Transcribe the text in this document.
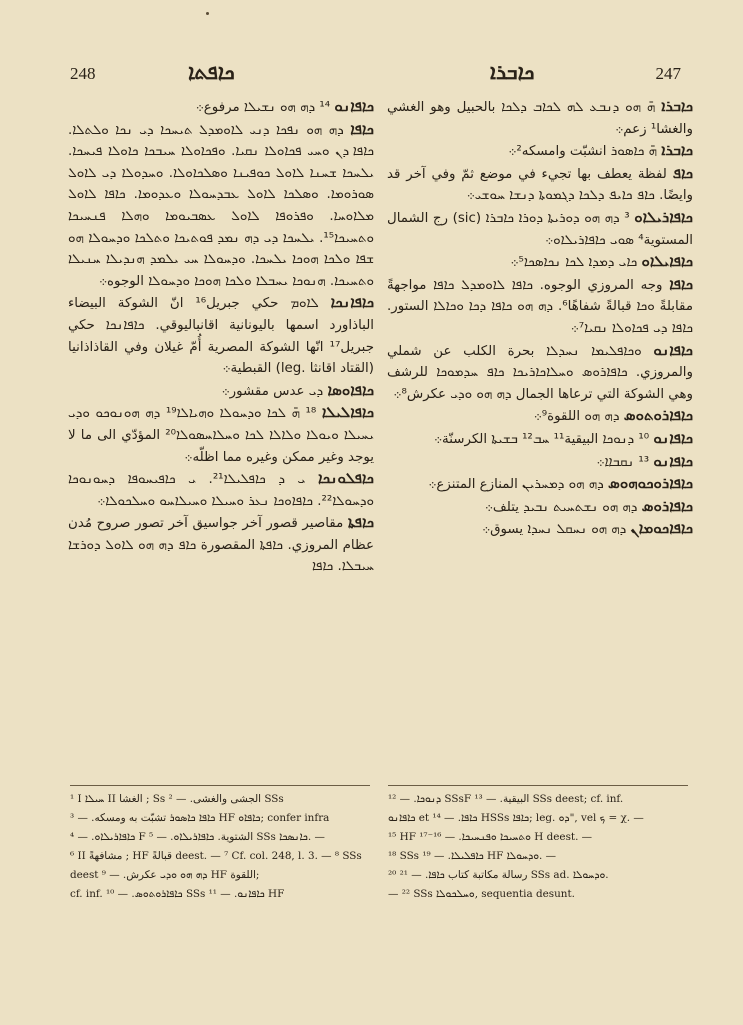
248	ܟܐܦܬܐ	ܟܐܒܪܐ	247

ܟܐܒܪܐ ܗ̄ ܗܘ ܕܢܒܥ ܠܗ ܠܟܐܒ ܕܠܟܐ بالحبيل وهو الغشي والغشا¹ زعم܀

ܟܐܒܪܐ ܗ̄ ܟܐܣܘܪ انشبّت وامسكه²܀

ܟܐܦ لفظة يعطف بها تجيء في موضع ثمّ وفي آخر قد وايضًا. ܟܐܦ ܟܐܝܦ ܕܠܟܐ ܕܓܡܘܬܐ ܕܢܫܐ ܚܘܫܝ܀

ܟܐܦܐܪܝܠܐܘ ³ ܕܗ ܗܘ ܕܘܪܝܬܐ ܕܘܪܐ ܟܐܒܪܐ (sic) رج الشمال المستوية⁴ ܣܘܝ ܟܐܦܐܪܝܠܐܘ܀

ܟܐܦܐܝܠܐܘ ܟܐܝ ܕܡܕܐ ܠܟܐ ܢܟܐܣܟܐ⁵܀

ܟܐܦܐ وجه المروزي الوجوه. ܟܐܦܐ ܠܐܘܡܕܠ ܟܐܦܐ مواجهةً مقابلةً ܘܟܐ قبالةً شفاهًا⁶. ܕܗ ܗܘ ܟܐܦܐ ܕܟܐ ܘܟܐܠܐ الستور. ܟܐܦܐ ܕܝ ܦܟܐܘܠܐ ܢܩܝܐ⁷܀

ܟܐܦܐܢܘ ܘܟܐܦܠܝܡܐ ܢܚܕܠܐ بحرة الكلب عن شملي والمروزي. ܟܐܦܐܪܘܣ ܘܚܠܐܟܐܪܝܟܐ ܟܐܦ ܚܕܡܘܟܐ للرشف وهي الشوكة التي ترعاها الجمال ܕܗ ܗܘ ܘܕܝ عكرش⁸܀

ܟܐܦܐܪܘܬܘܣ ܕܗ ܗܘ اللقوة⁹܀

ܟܐܦܐܢܘ ¹⁰ ܕܢܘܟܐ البيقية¹¹ ܚܒ¹² ܒܫܝܬܐ الكرسنّة܀

ܟܐܦܐܢܘ ¹³ ܢܩܒܐܐ܀

ܟܐܦܐܪܘܟܘܗܘܣ ܕܗ ܗܘ ܕܡܚܪܝܢ المنازع المتنزع܀

ܟܐܦܐܪܘܣ ܕܗ ܗܘ ܢܫܬܚܝܬ ܢܒܝܕ يتلف܀

ܟܐܦܐܟܘܡܐܢ ܕܗ ܗܘ ܢܚܩܠ ܢܚܕܐ يسوق܀

ܟܐܦܐܢܘ ¹⁴ ܕܗ ܗܘ ܢܫܝܠܐ مرفوع܀

ܟܐܦܐ ܕܗ ܗܘ ܢܦܟܐ ܕܢܝ ܠܐܘܡܕܠ ܬܝܚܟܐ ܕܝ ܢܟܐ ܘܠܬܠܐ. ܟܐܦܐ ܕܢ ܘܚܝ ܦܟܐܘܠܐ ܢܩܝܐ. ܘܦܟܐܘܠܐ ܚܝܒܟܐ ܟܐܘܠܐ ܦܝܚܟܐ. ܝܠܚܟܐ ܫܚܢܐ ܠܐܘܠ ܟܘܦܝܢܐ ܘܣܠܟܐܘܠܐ. ܘܚܕܘܠܐ ܕܝ ܠܐܘܠ ܣܘܪܘܡܐ. ܘܣܠܟܐ ܠܐܘܠ ܥܒܕܚܘܠܐ ܘܥܕܘܡܐ. ܟܐܦܐ ܠܐܘܠ ܡܠܐܘܚܐ. ܘܦܪܘܦܐ ܠܐܘܠ ܥܣܒܝܘܡܐ ܘܗܠܐ ܦܢܚܝܟܐ ܘܬܚܝܟܐ¹⁵. ܝܠܚܟܐ ܕܝ ܕܗ ܢܡܕ ܦܘܬܝܟܐ ܘܬܠܟܐ ܘܕܚܘܠܐ ܗܘ ܫܦܐ ܘܠܟܐ ܗܘܟܐ ܝܠܚܟܐ. ܘܕܚܘܠܐ ܚܝ ܝܠܡܕ ܗܢܕܝܠܐ ܚܢܝܠܐ ܘܬܚܝܟܐ. ܗܢܘܟܐ ܝܚܒܠܐ ܘܠܟܐ ܗܘܟܐ ܘܕܚܘܠܐ الوجوه܀

ܟܐܦܐܢܟܐ ܠܐܘܡ حكي جبريل¹⁶ انّ الشوكة البيضاء الباذاورد اسمها باليونانية اقانباليوقي. ܟܐܦܐܢܟܐ حكي جبريل¹⁷ انّها الشوكة المصرية أُمّ غيلان وفي القاذاذانيا (القتاد اقانثا .leg) القبطية܀

ܟܐܦܐܘܣܐ ܕܝ عدس مقشور܀

ܟܐܦܐܠܝܠܐ ¹⁸ ܗ̄ ܠܟܐ ܘܕܚܘܠܐ ܘܗܝܐܠܐ¹⁹ ܕܗ ܗܘܢܘܟܘ ܘܕܝ ܝܚܝܠܐ ܘܝܘܠܐ ܘܠܐܠܐ ܠܟܐ ܘܚܠܐܚܣܘܠܐ²⁰ المؤدّي الى ما لا يوجد وغير ممكن وغيره مما اظلّه܀

ܟܐܦܠܘܢܟܐ ܝ ܕ ܟܐܦܠܝܠܐ²¹. ܝ ܟܐܦܝܚܘܦܐ ܕܚܘܢܘܟܐ ܘܕܚܘܠܐ²². ܟܐܦܐܘܟܐ ܢܥܪ ܘܚܝܠܐ ܘܚܝܠܐܚܘ ܘܚܠܟܘܠܐ܀

ܟܐܦܬܐ مقاصير قصور آخر جواسيق آخر تصور صروح مُدن عظام المروزي. ܟܐܦܬܐ المقصورة ܟܐܦ ܕܗ ܗܘ ܠܐܘܠ ܕܘܪܫܐ ܚܝܒܠܐ. ܟܐܦܐ

¹ I ܚܝܠܐ II الغشا ; Ss الجشى والغشى. — ² SSs

ܟܐܦܐ ܟܐܣܘܪ تشبّت به ومسكه. — ³ HF ܟܐܦܐܘ; confer infra

ܟܐܦܐܪܝܠܐܘ. — ⁴ F الشتوية. ܟܐܦܐܪܝܠܐܘ. — ⁵ SSs ܟܐܢܣܟܐ. —

⁶ II مشافهةً ; HF قبالةً deest. — ⁷ Cf. col. 248, l. 3. — ⁸ SSs

deest ܕܗ ܗܘ ܘܕܝ عكرش. — ⁹ HF اللقوة;

cf. inf. ܟܐܦܐܪܘܬܘܣ. — ¹⁰ SSs ܟܐܦܐܢܘ. — ¹¹ HF

ܕܢܘܟܐ. — ¹² SSsF البيقية. — ¹³ SSs deest; cf. inf.

ܟܐܦܐܢܘ et ܟܐܦܐ. — ¹⁴ HSSs ܟܐܦܐ; leg. ܕܘ", vel ܟ = χ. —

¹⁵ HF ܘܬܚܝܟܐ ܘܦܢܚܝܟܐ. — ¹⁶⁻¹⁷ H deest. —

¹⁸ SSs ܟܐܦܠܝܠܐ. — ¹⁹ HF ܘܕܚܘܠܐ. —

²⁰ رسالة مكاتبة كتاب ܟܐܦܐ. — ²¹ SSs ad. ܘܕܚܘܠܐ.

— ²² SSs ܘܚܠܟܘܠܐ, sequentia desunt.
